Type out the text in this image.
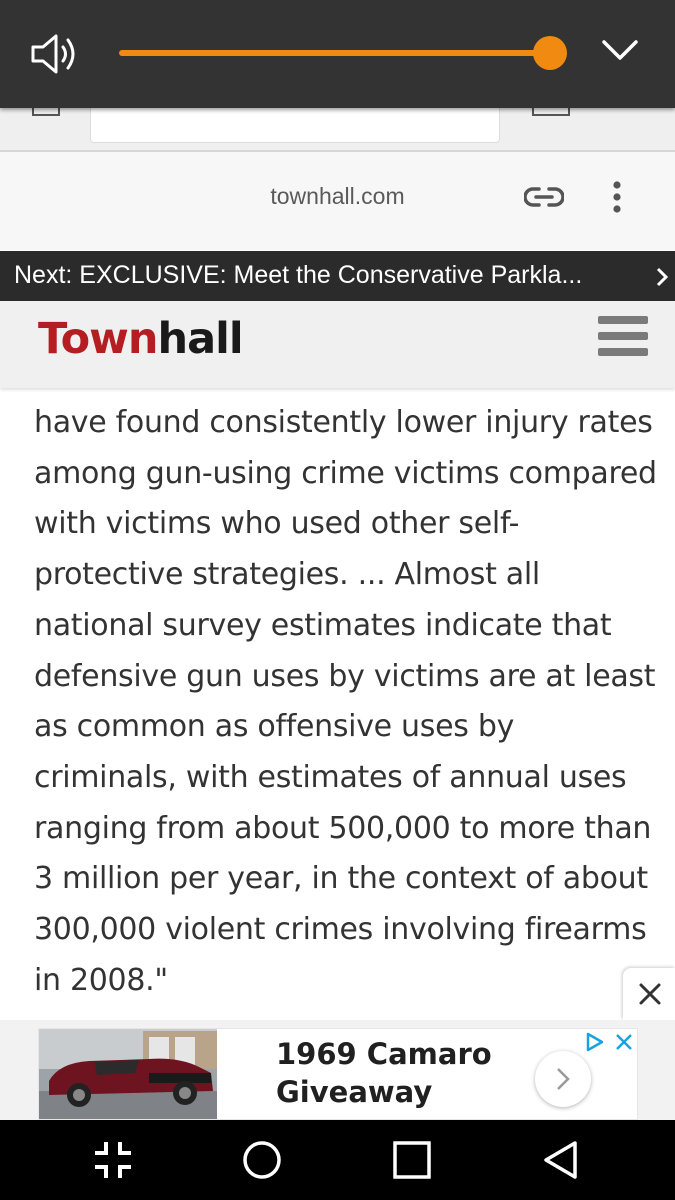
townhall.com
Next: EXCLUSIVE: Meet the Conservative Parkla...
Townhall

have found consistently lower injury rates among gun-using crime victims compared with victims who used other self-protective strategies. ... Almost all national survey estimates indicate that defensive gun uses by victims are at least as common as offensive uses by criminals, with estimates of annual uses ranging from about 500,000 to more than 3 million per year, in the context of about 300,000 violent crimes involving firearms in 2008."

1969 Camaro Giveaway
